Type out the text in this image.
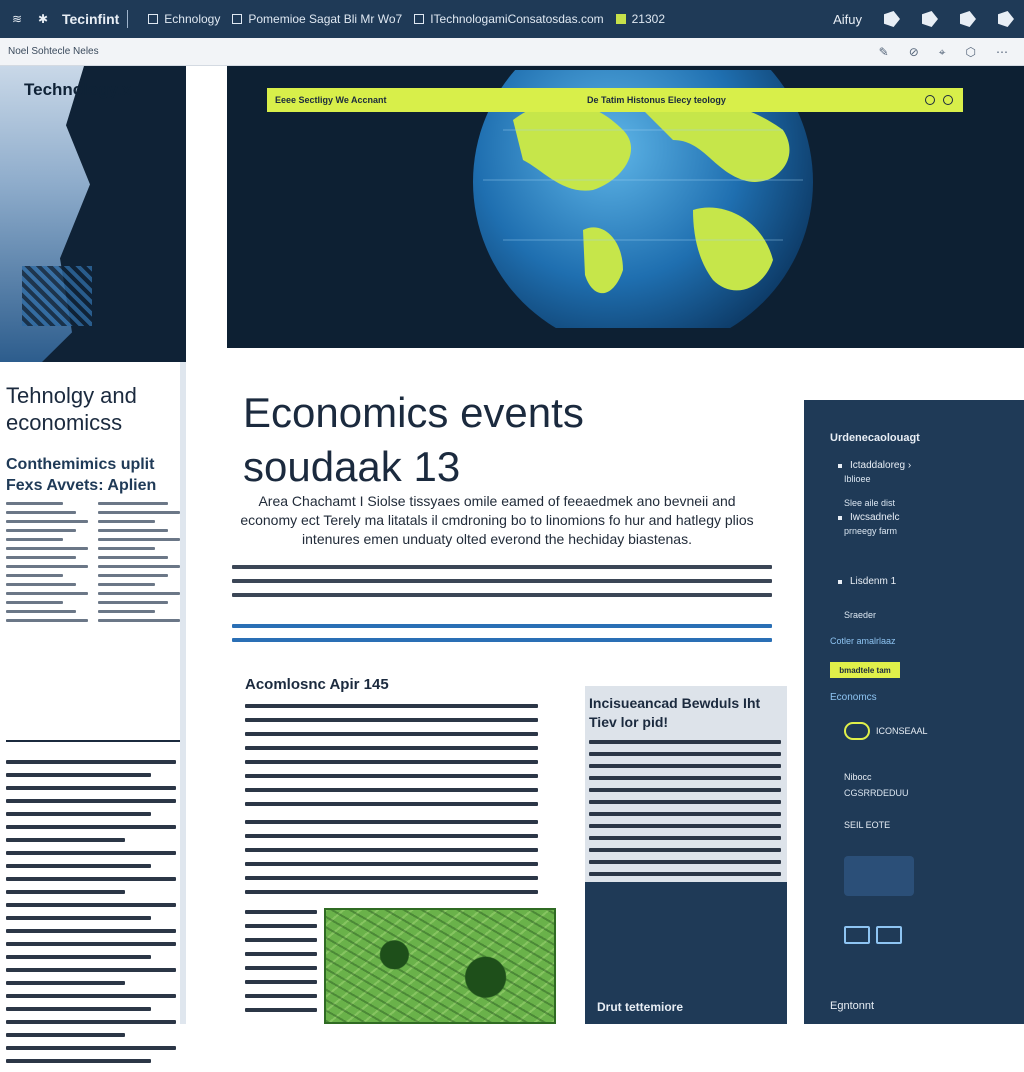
≋	✱ Tecinfint	Echnology Pomemioe Sagat Bli Mr Wo7 ITechnologamiConsatosdas.com 21302	Aifuy
Noel Sohtecle Neles	✎ ⊘ ⌖ ⬡ ⋯
Technology.x
Tehnolgy and economicss
Conthemimics uplit Fexs Avvets: Aplien
Eeee Sectligy We Accnant	De Tatim Histonus Elecy teology
Economics events
soudaak 13
Area Chachamt I Siolse tissyaes omile eamed of feeaedmek ano bevneii and economy ect Terely ma litatals il cmdroning bo to linomions fo hur and hatlegy plios intenures emen unduaty olted everond the hechiday biastenas.
Acomlosnc Apir 145
Incisueancad Bewduls Iht Tiev lor pid!
Drut tettemiore
Urdenecaolouagt
Ictaddaloreg ›
Iblioee
Slee aile dist
Iwcsadnelc
prneegy farm
Lisdenm 1
Sraeder
Cotler amalrlaaz
bmadtele tam
Economcs
ICONSEAAL
Nibocc
CGSRRDEDUU
SEIL EOTE
Egntonnt
